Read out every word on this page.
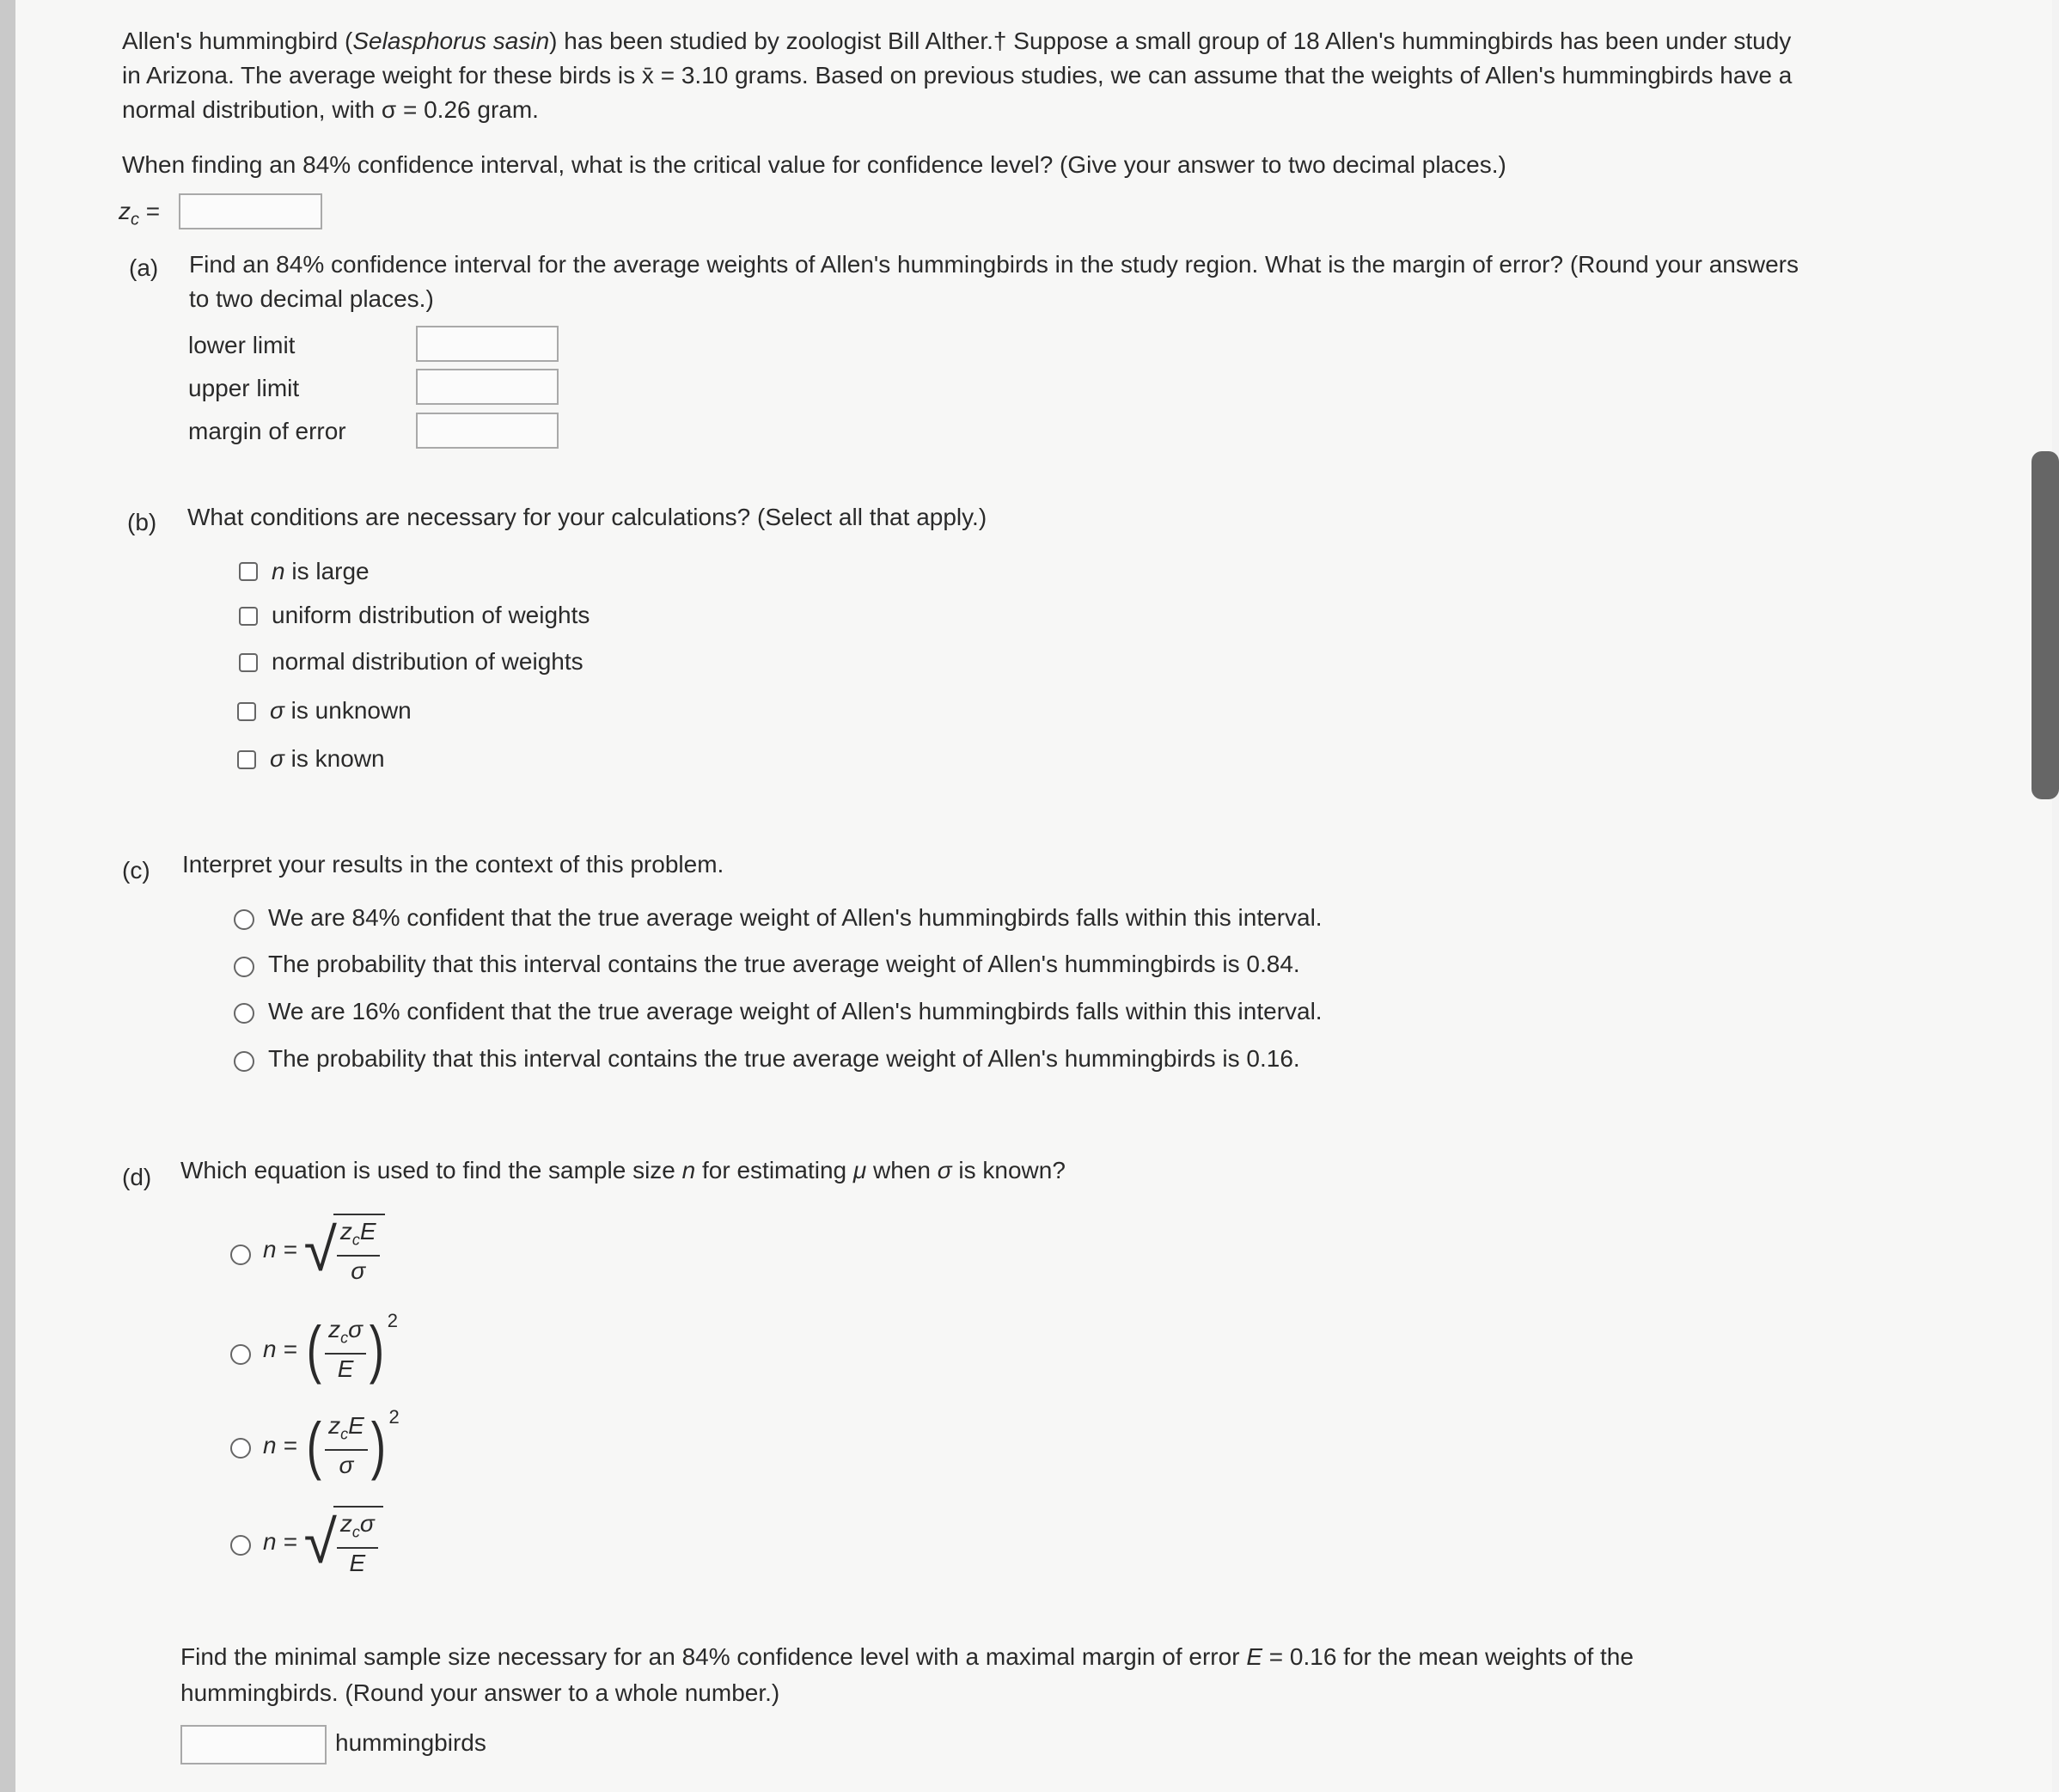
Allen's hummingbird (Selasphorus sasin) has been studied by zoologist Bill Alther.† Suppose a small group of 18 Allen's hummingbirds has been under study
in Arizona. The average weight for these birds is x̄ = 3.10 grams. Based on previous studies, we can assume that the weights of Allen's hummingbirds have a
normal distribution, with σ = 0.26 gram.
When finding an 84% confidence interval, what is the critical value for confidence level? (Give your answer to two decimal places.)
$z_c$ =
(a) Find an 84% confidence interval for the average weights of Allen's hummingbirds in the study region. What is the margin of error? (Round your answers
to two decimal places.)
lower limit
upper limit
margin of error
(b) What conditions are necessary for your calculations? (Select all that apply.)
n is large
uniform distribution of weights
normal distribution of weights
σ is unknown
σ is known
(c) Interpret your results in the context of this problem.
We are 84% confident that the true average weight of Allen's hummingbirds falls within this interval.
The probability that this interval contains the true average weight of Allen's hummingbirds is 0.84.
We are 16% confident that the true average weight of Allen's hummingbirds falls within this interval.
The probability that this interval contains the true average weight of Allen's hummingbirds is 0.16.
(d) Which equation is used to find the sample size n for estimating μ when σ is known?
n =
√ $\frac{z_cE}{\sigma}$
n =
( $\frac{z_c\sigma}{E}$ ) 2
n =
( $\frac{z_cE}{\sigma}$ ) 2
n =
√ $\frac{z_c\sigma}{E}$
Find the minimal sample size necessary for an 84% confidence level with a maximal margin of error E = 0.16 for the mean weights of the
hummingbirds. (Round your answer to a whole number.)
hummingbirds
